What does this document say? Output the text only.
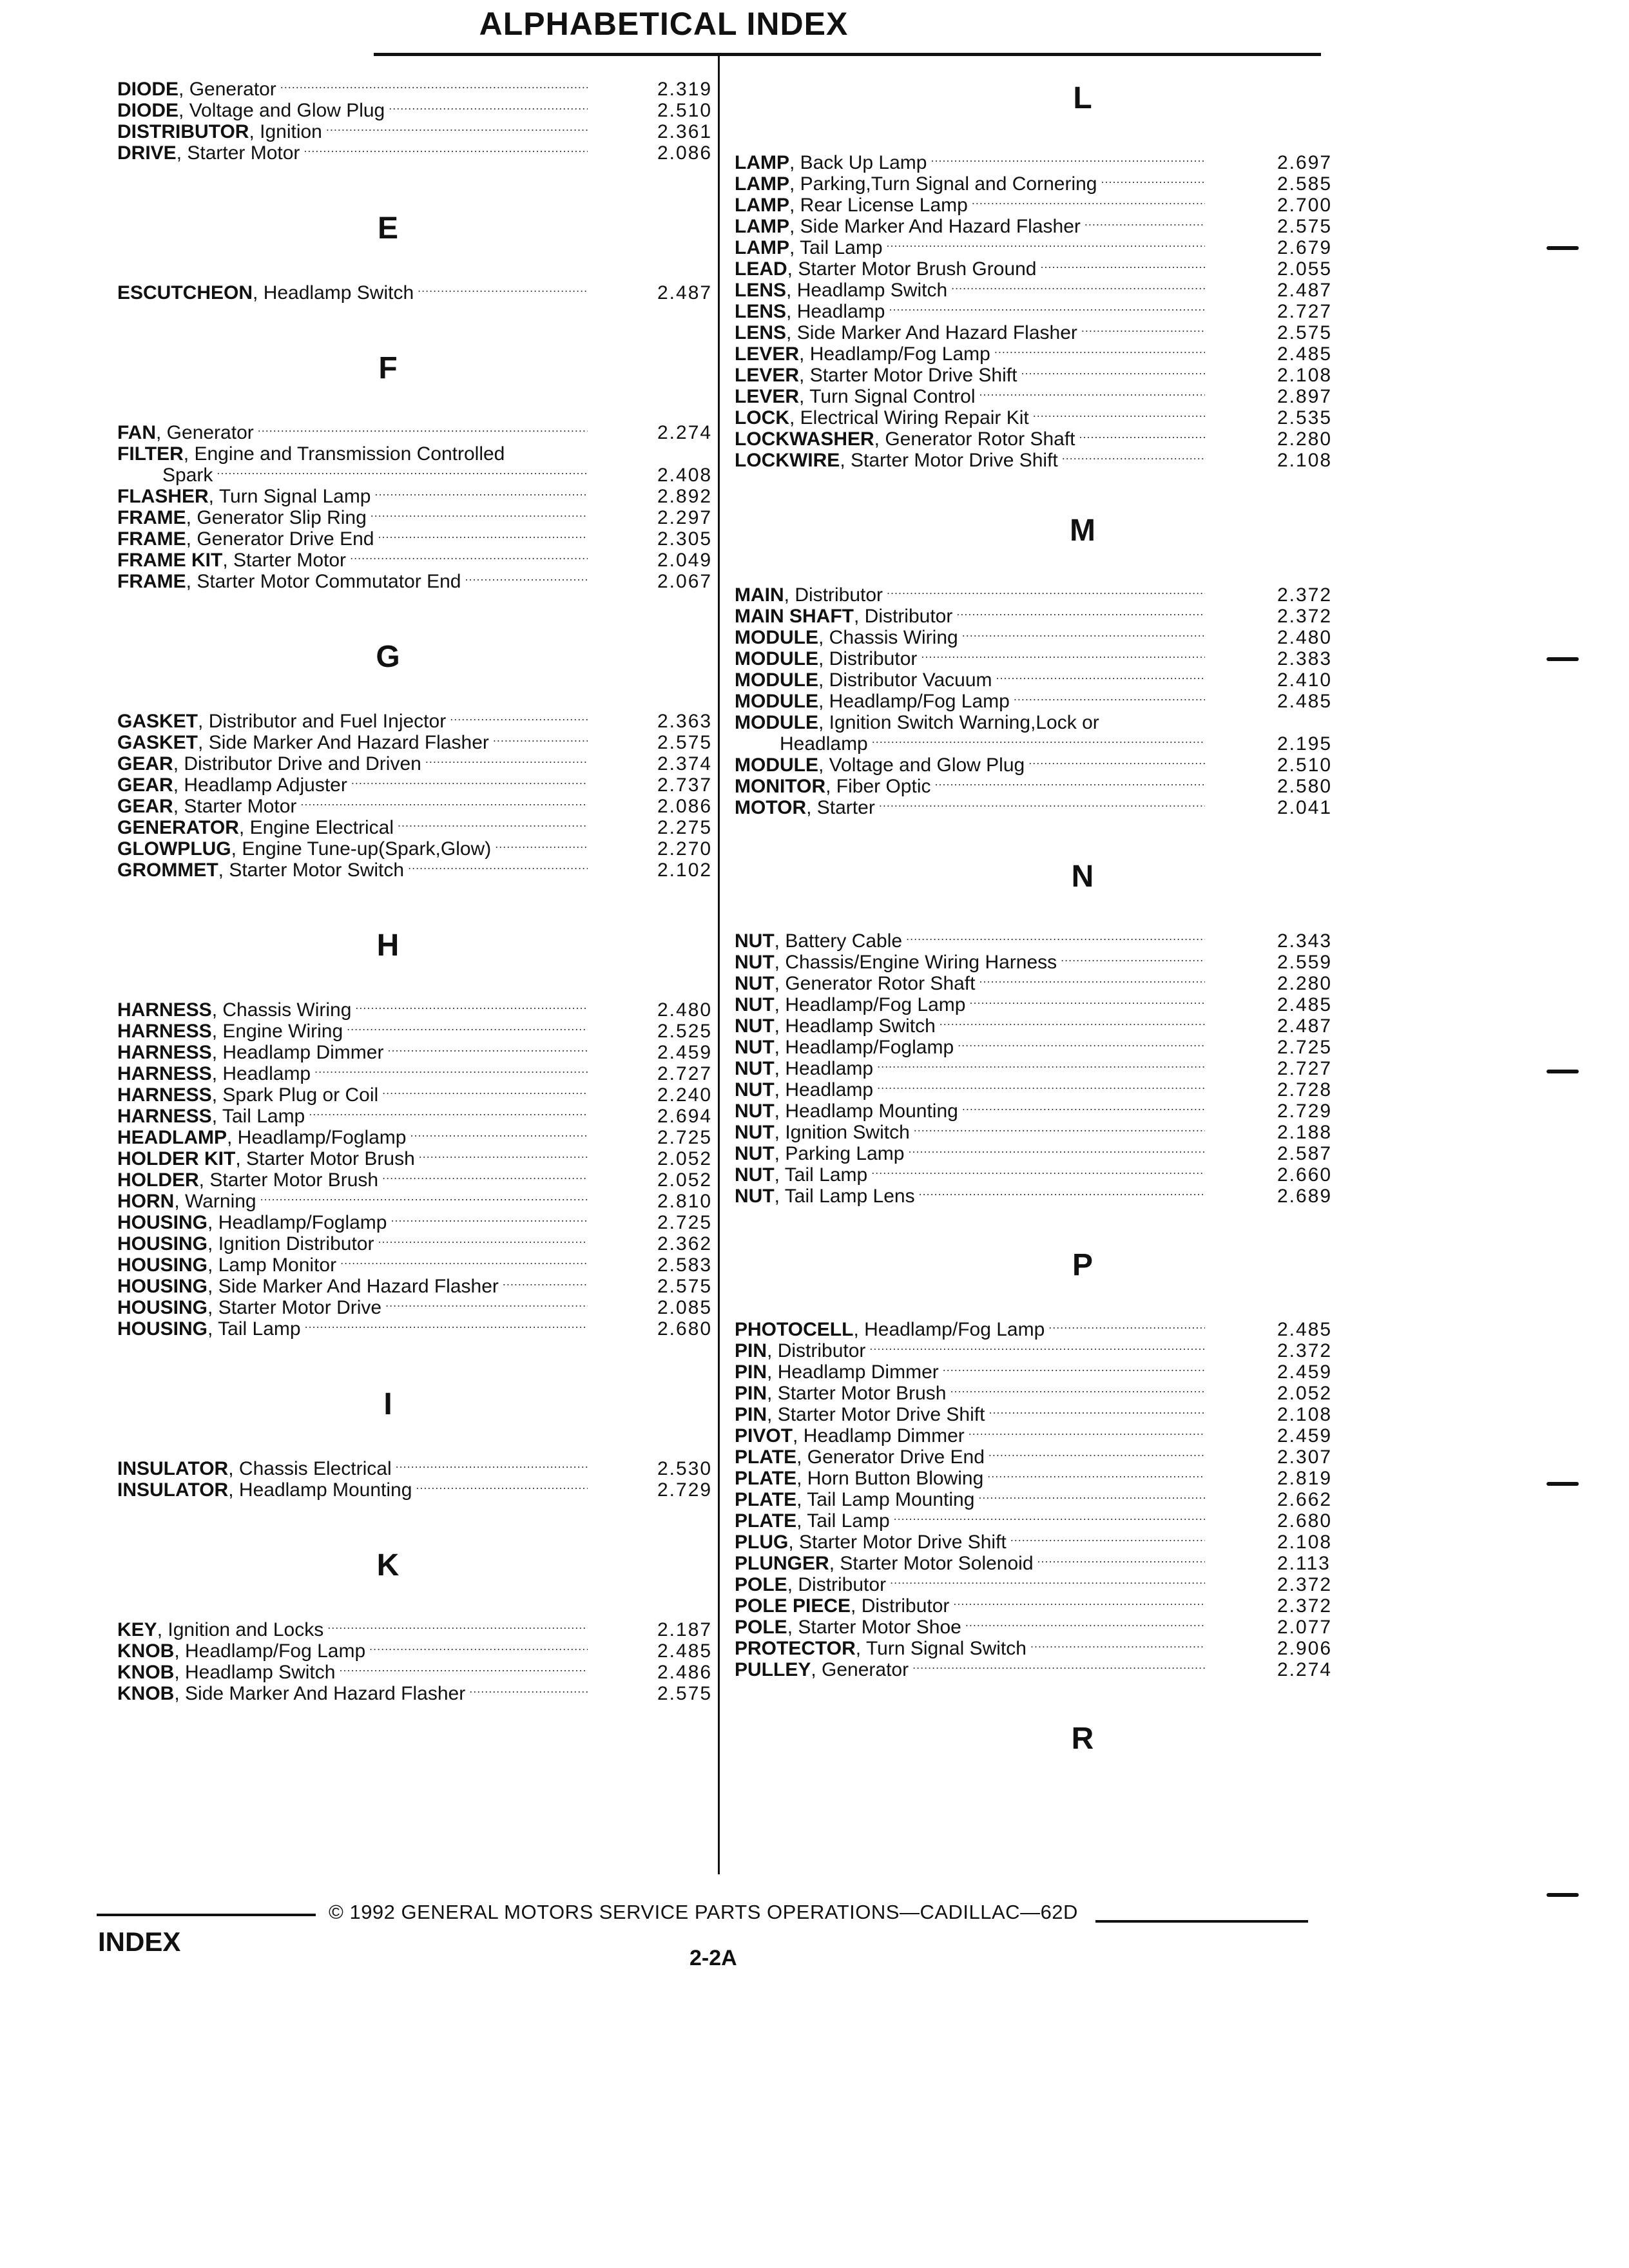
ALPHABETICAL INDEX
DIODE, Generator .....	2.319
DIODE, Voltage and Glow Plug .....	2.510
DISTRIBUTOR, Ignition .....	2.361
DRIVE, Starter Motor .....	2.086
E
ESCUTCHEON, Headlamp Switch .....	2.487
F
FAN, Generator .....	2.274
FILTER, Engine and Transmission Controlled
Spark .....	2.408
FLASHER, Turn Signal Lamp .....	2.892
FRAME, Generator Slip Ring .....	2.297
FRAME, Generator Drive End .....	2.305
FRAME KIT, Starter Motor .....	2.049
FRAME, Starter Motor Commutator End .....	2.067
G
GASKET, Distributor and Fuel Injector .....	2.363
GASKET, Side Marker And Hazard Flasher .....	2.575
GEAR, Distributor Drive and Driven .....	2.374
GEAR, Headlamp Adjuster .....	2.737
GEAR, Starter Motor .....	2.086
GENERATOR, Engine Electrical .....	2.275
GLOWPLUG, Engine Tune-up(Spark,Glow) .....	2.270
GROMMET, Starter Motor Switch .....	2.102
H
HARNESS, Chassis Wiring .....	2.480
HARNESS, Engine Wiring .....	2.525
HARNESS, Headlamp Dimmer .....	2.459
HARNESS, Headlamp .....	2.727
HARNESS, Spark Plug or Coil .....	2.240
HARNESS, Tail Lamp .....	2.694
HEADLAMP, Headlamp/Foglamp .....	2.725
HOLDER KIT, Starter Motor Brush .....	2.052
HOLDER, Starter Motor Brush .....	2.052
HORN, Warning .....	2.810
HOUSING, Headlamp/Foglamp .....	2.725
HOUSING, Ignition Distributor .....	2.362
HOUSING, Lamp Monitor .....	2.583
HOUSING, Side Marker And Hazard Flasher .....	2.575
HOUSING, Starter Motor Drive .....	2.085
HOUSING, Tail Lamp .....	2.680
I
INSULATOR, Chassis Electrical .....	2.530
INSULATOR, Headlamp Mounting .....	2.729
K
KEY, Ignition and Locks .....	2.187
KNOB, Headlamp/Fog Lamp .....	2.485
KNOB, Headlamp Switch .....	2.486
KNOB, Side Marker And Hazard Flasher .....	2.575
L
LAMP, Back Up Lamp .....	2.697
LAMP, Parking,Turn Signal and Cornering .....	2.585
LAMP, Rear License Lamp .....	2.700
LAMP, Side Marker And Hazard Flasher .....	2.575
LAMP, Tail Lamp .....	2.679
LEAD, Starter Motor Brush Ground .....	2.055
LENS, Headlamp Switch .....	2.487
LENS, Headlamp .....	2.727
LENS, Side Marker And Hazard Flasher .....	2.575
LEVER, Headlamp/Fog Lamp .....	2.485
LEVER, Starter Motor Drive Shift .....	2.108
LEVER, Turn Signal Control .....	2.897
LOCK, Electrical Wiring Repair Kit .....	2.535
LOCKWASHER, Generator Rotor Shaft .....	2.280
LOCKWIRE, Starter Motor Drive Shift .....	2.108
M
MAIN, Distributor .....	2.372
MAIN SHAFT, Distributor .....	2.372
MODULE, Chassis Wiring .....	2.480
MODULE, Distributor .....	2.383
MODULE, Distributor Vacuum .....	2.410
MODULE, Headlamp/Fog Lamp .....	2.485
MODULE, Ignition Switch Warning,Lock or
Headlamp .....	2.195
MODULE, Voltage and Glow Plug .....	2.510
MONITOR, Fiber Optic .....	2.580
MOTOR, Starter .....	2.041
N
NUT, Battery Cable .....	2.343
NUT, Chassis/Engine Wiring Harness .....	2.559
NUT, Generator Rotor Shaft .....	2.280
NUT, Headlamp/Fog Lamp .....	2.485
NUT, Headlamp Switch .....	2.487
NUT, Headlamp/Foglamp .....	2.725
NUT, Headlamp .....	2.727
NUT, Headlamp .....	2.728
NUT, Headlamp Mounting .....	2.729
NUT, Ignition Switch .....	2.188
NUT, Parking Lamp .....	2.587
NUT, Tail Lamp .....	2.660
NUT, Tail Lamp Lens .....	2.689
P
PHOTOCELL, Headlamp/Fog Lamp .....	2.485
PIN, Distributor .....	2.372
PIN, Headlamp Dimmer .....	2.459
PIN, Starter Motor Brush .....	2.052
PIN, Starter Motor Drive Shift .....	2.108
PIVOT, Headlamp Dimmer .....	2.459
PLATE, Generator Drive End .....	2.307
PLATE, Horn Button Blowing .....	2.819
PLATE, Tail Lamp Mounting .....	2.662
PLATE, Tail Lamp .....	2.680
PLUG, Starter Motor Drive Shift .....	2.108
PLUNGER, Starter Motor Solenoid .....	2.113
POLE, Distributor .....	2.372
POLE PIECE, Distributor .....	2.372
POLE, Starter Motor Shoe .....	2.077
PROTECTOR, Turn Signal Switch .....	2.906
PULLEY, Generator .....	2.274
R
© 1992 GENERAL MOTORS SERVICE PARTS OPERATIONS—CADILLAC—62D
INDEX
2-2A
